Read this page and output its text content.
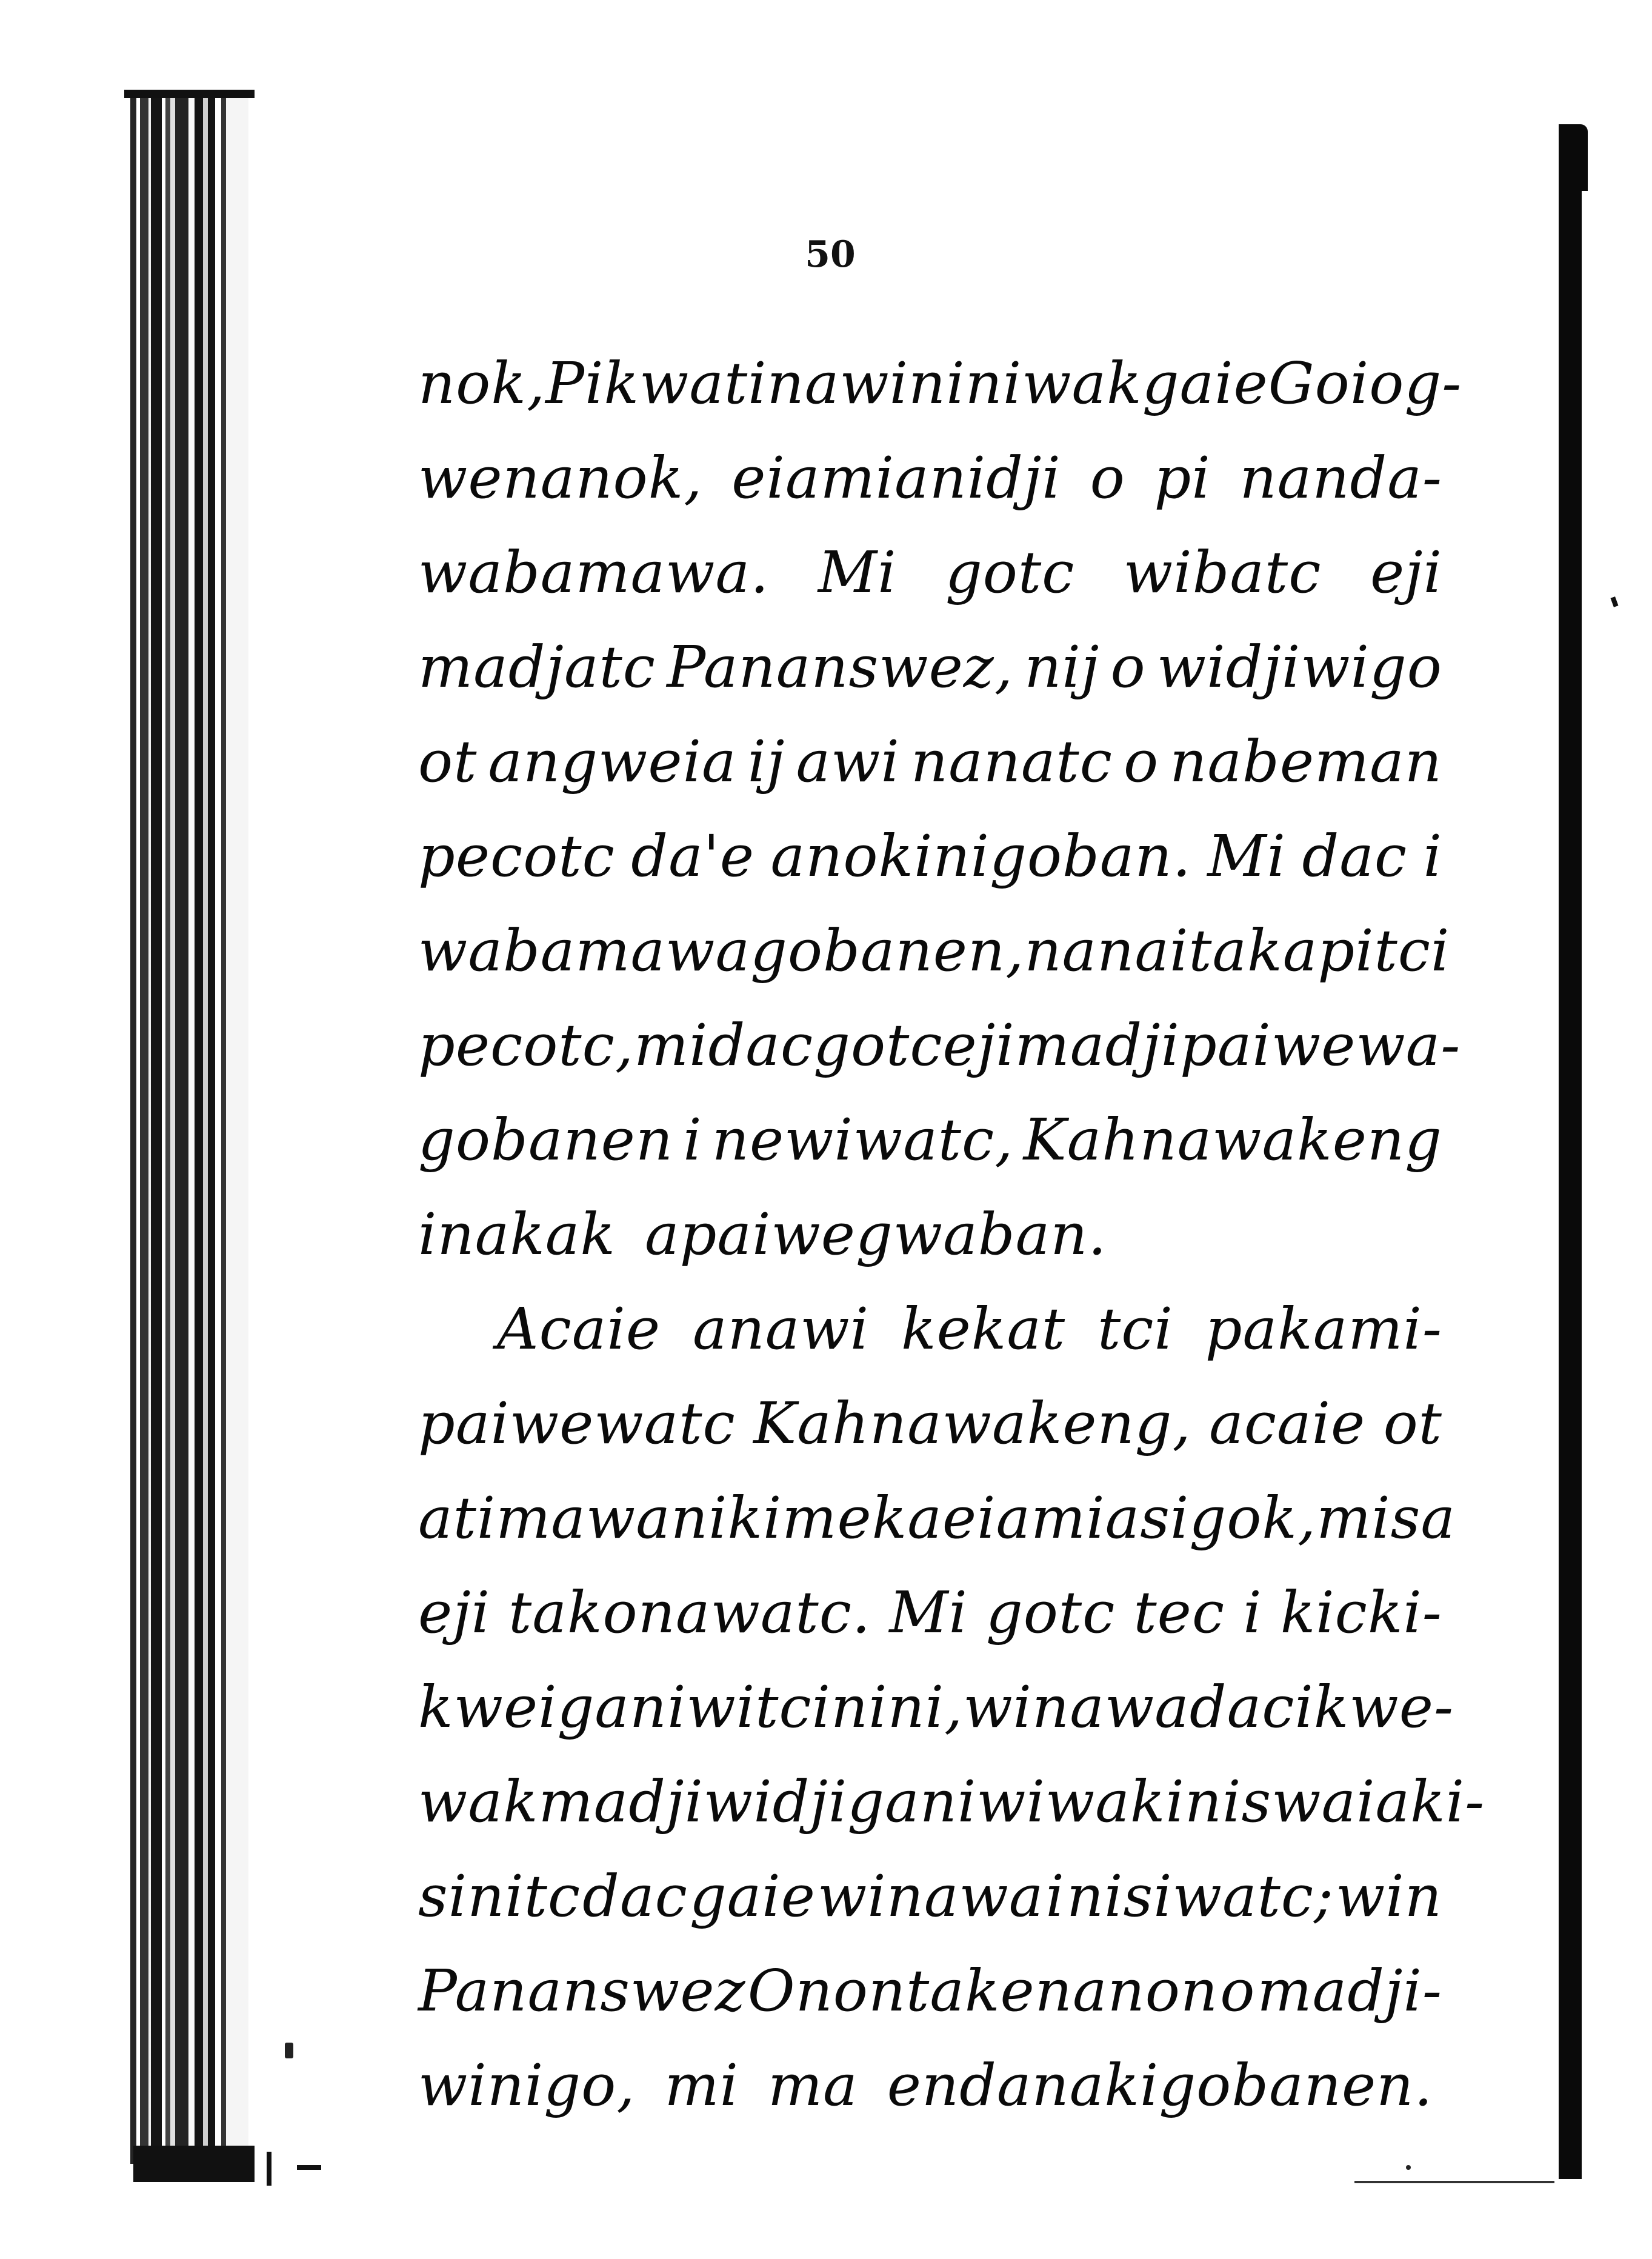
50
nok, Pikwatinawininiwak gaie Goiog-
wenanok, eiamianidji o pi nanda-
wabamawa. Mi gotc wibatc eji
madjatc Pananswez, nij o widjiwigo
ot angweia ij awi nanatc o nabeman
pecotc da'e anokinigoban. Mi dac i
wabamawagobanen, nanaitak apitci
pecotc, mi dac gotc eji madjipaiwewa-
gobanen i newiwatc, Kahnawakeng
inakak apaiwegwaban.
Acaie anawi kekat tci pakami-
paiwewatc Kahnawakeng, acaie ot
atimawan ikim eka eiamiasigok, mi sa
eji takonawatc. Mi gotc tec i kicki-
kweiganiwitc inini, winawa dac ikwe-
wak madjiwidjiganiwiwak i niswaiaki-
sinitc dac gaie winawa i nisiwatc; win
Pananswez Onontakenanon o madji-
winigo, mi ma endanakigobanen.
